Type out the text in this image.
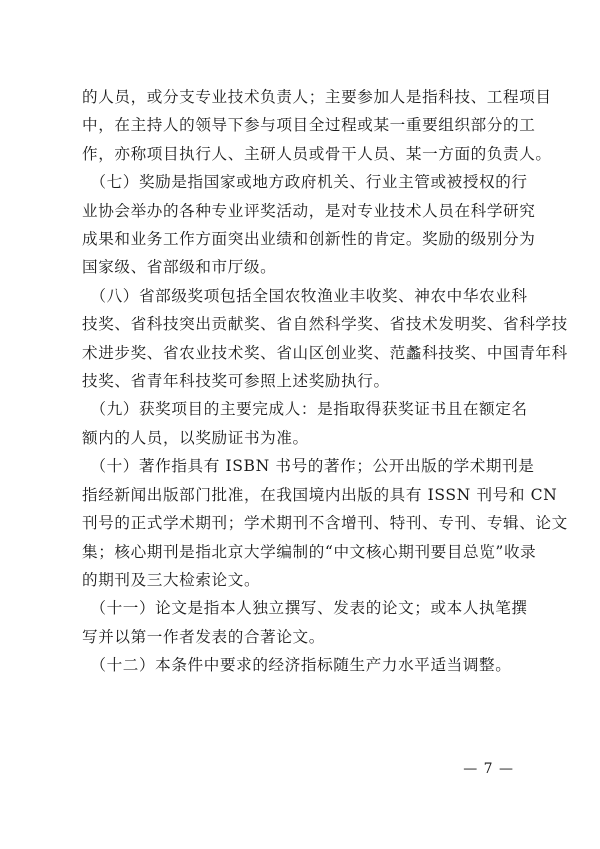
的人员，或分支专业技术负责人；主要参加人是指科技、工程项目
中，在主持人的领导下参与项目全过程或某一重要组织部分的工
作，亦称项目执行人、主研人员或骨干人员、某一方面的负责人。

　（七）奖励是指国家或地方政府机关、行业主管或被授权的行
业协会举办的各种专业评奖活动，是对专业技术人员在科学研究
成果和业务工作方面突出业绩和创新性的肯定。奖励的级别分为
国家级、省部级和市厅级。

　（八）省部级奖项包括全国农牧渔业丰收奖、神农中华农业科
技奖、省科技突出贡献奖、省自然科学奖、省技术发明奖、省科学技
术进步奖、省农业技术奖、省山区创业奖、范蠡科技奖、中国青年科
技奖、省青年科技奖可参照上述奖励执行。

　（九）获奖项目的主要完成人：是指取得获奖证书且在额定名
额内的人员，以奖励证书为准。

　（十）著作指具有 ISBN 书号的著作；公开出版的学术期刊是
指经新闻出版部门批准，在我国境内出版的具有 ISSN 刊号和 CN
刊号的正式学术期刊；学术期刊不含增刊、特刊、专刊、专辑、论文
集；核心期刊是指北京大学编制的“中文核心期刊要目总览”收录
的期刊及三大检索论文。

　（十一）论文是指本人独立撰写、发表的论文；或本人执笔撰
写并以第一作者发表的合著论文。

　（十二）本条件中要求的经济指标随生产力水平适当调整。

— 7 —
